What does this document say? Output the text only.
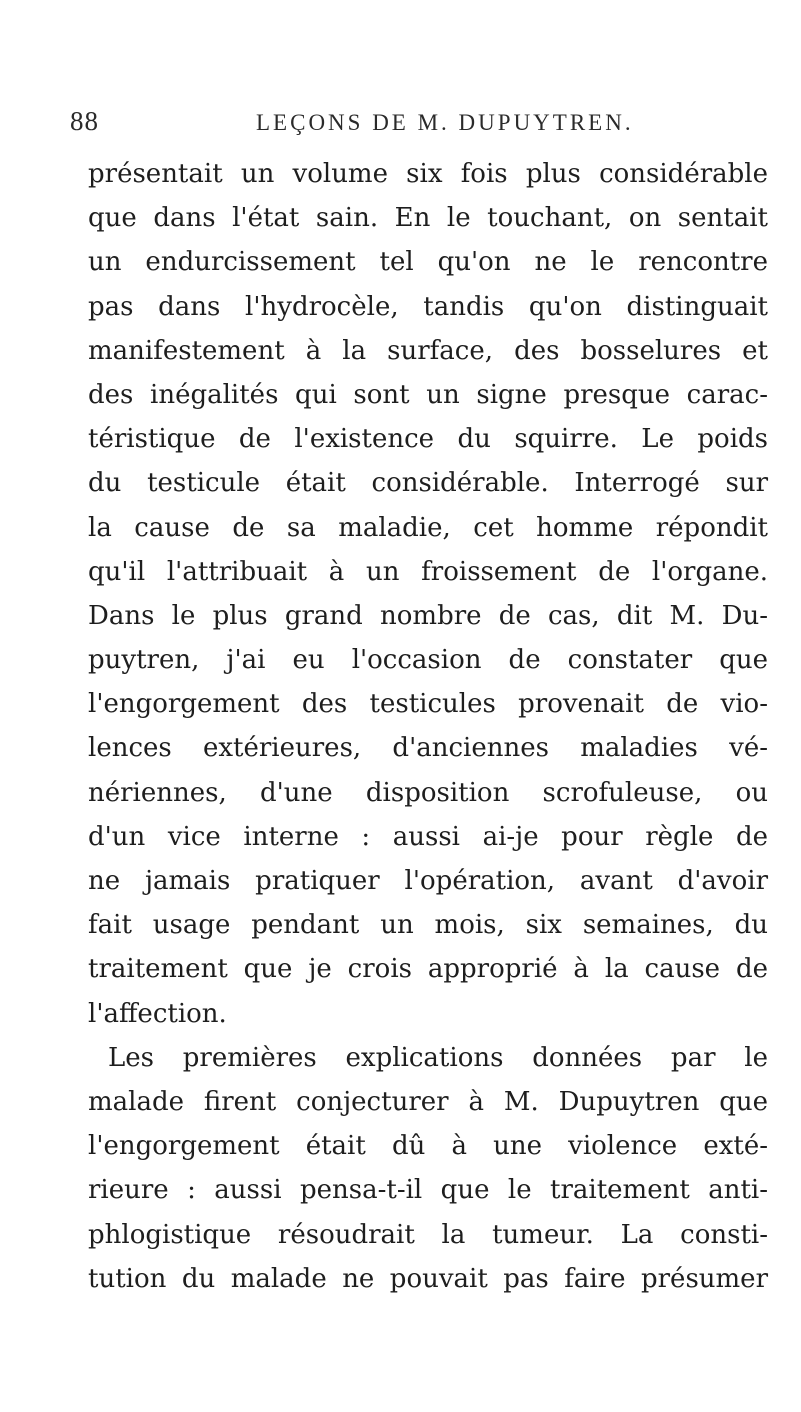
88	LEÇONS DE M. DUPUYTREN.
présentait un volume six fois plus considérable
que dans l'état sain. En le touchant, on sentait
un endurcissement tel qu'on ne le rencontre
pas dans l'hydrocèle, tandis qu'on distinguait
manifestement à la surface, des bosselures et
des inégalités qui sont un signe presque carac-
téristique de l'existence du squirre. Le poids
du testicule était considérable. Interrogé sur
la cause de sa maladie, cet homme répondit
qu'il l'attribuait à un froissement de l'organe.
Dans le plus grand nombre de cas, dit M. Du-
puytren, j'ai eu l'occasion de constater que
l'engorgement des testicules provenait de vio-
lences extérieures, d'anciennes maladies vé-
nériennes, d'une disposition scrofuleuse, ou
d'un vice interne : aussi ai-je pour règle de
ne jamais pratiquer l'opération, avant d'avoir
fait usage pendant un mois, six semaines, du
traitement que je crois approprié à la cause de
l'affection.
Les premières explications données par le
malade firent conjecturer à M. Dupuytren que
l'engorgement était dû à une violence exté-
rieure : aussi pensa-t-il que le traitement anti-
phlogistique résoudrait la tumeur. La consti-
tution du malade ne pouvait pas faire présumer
